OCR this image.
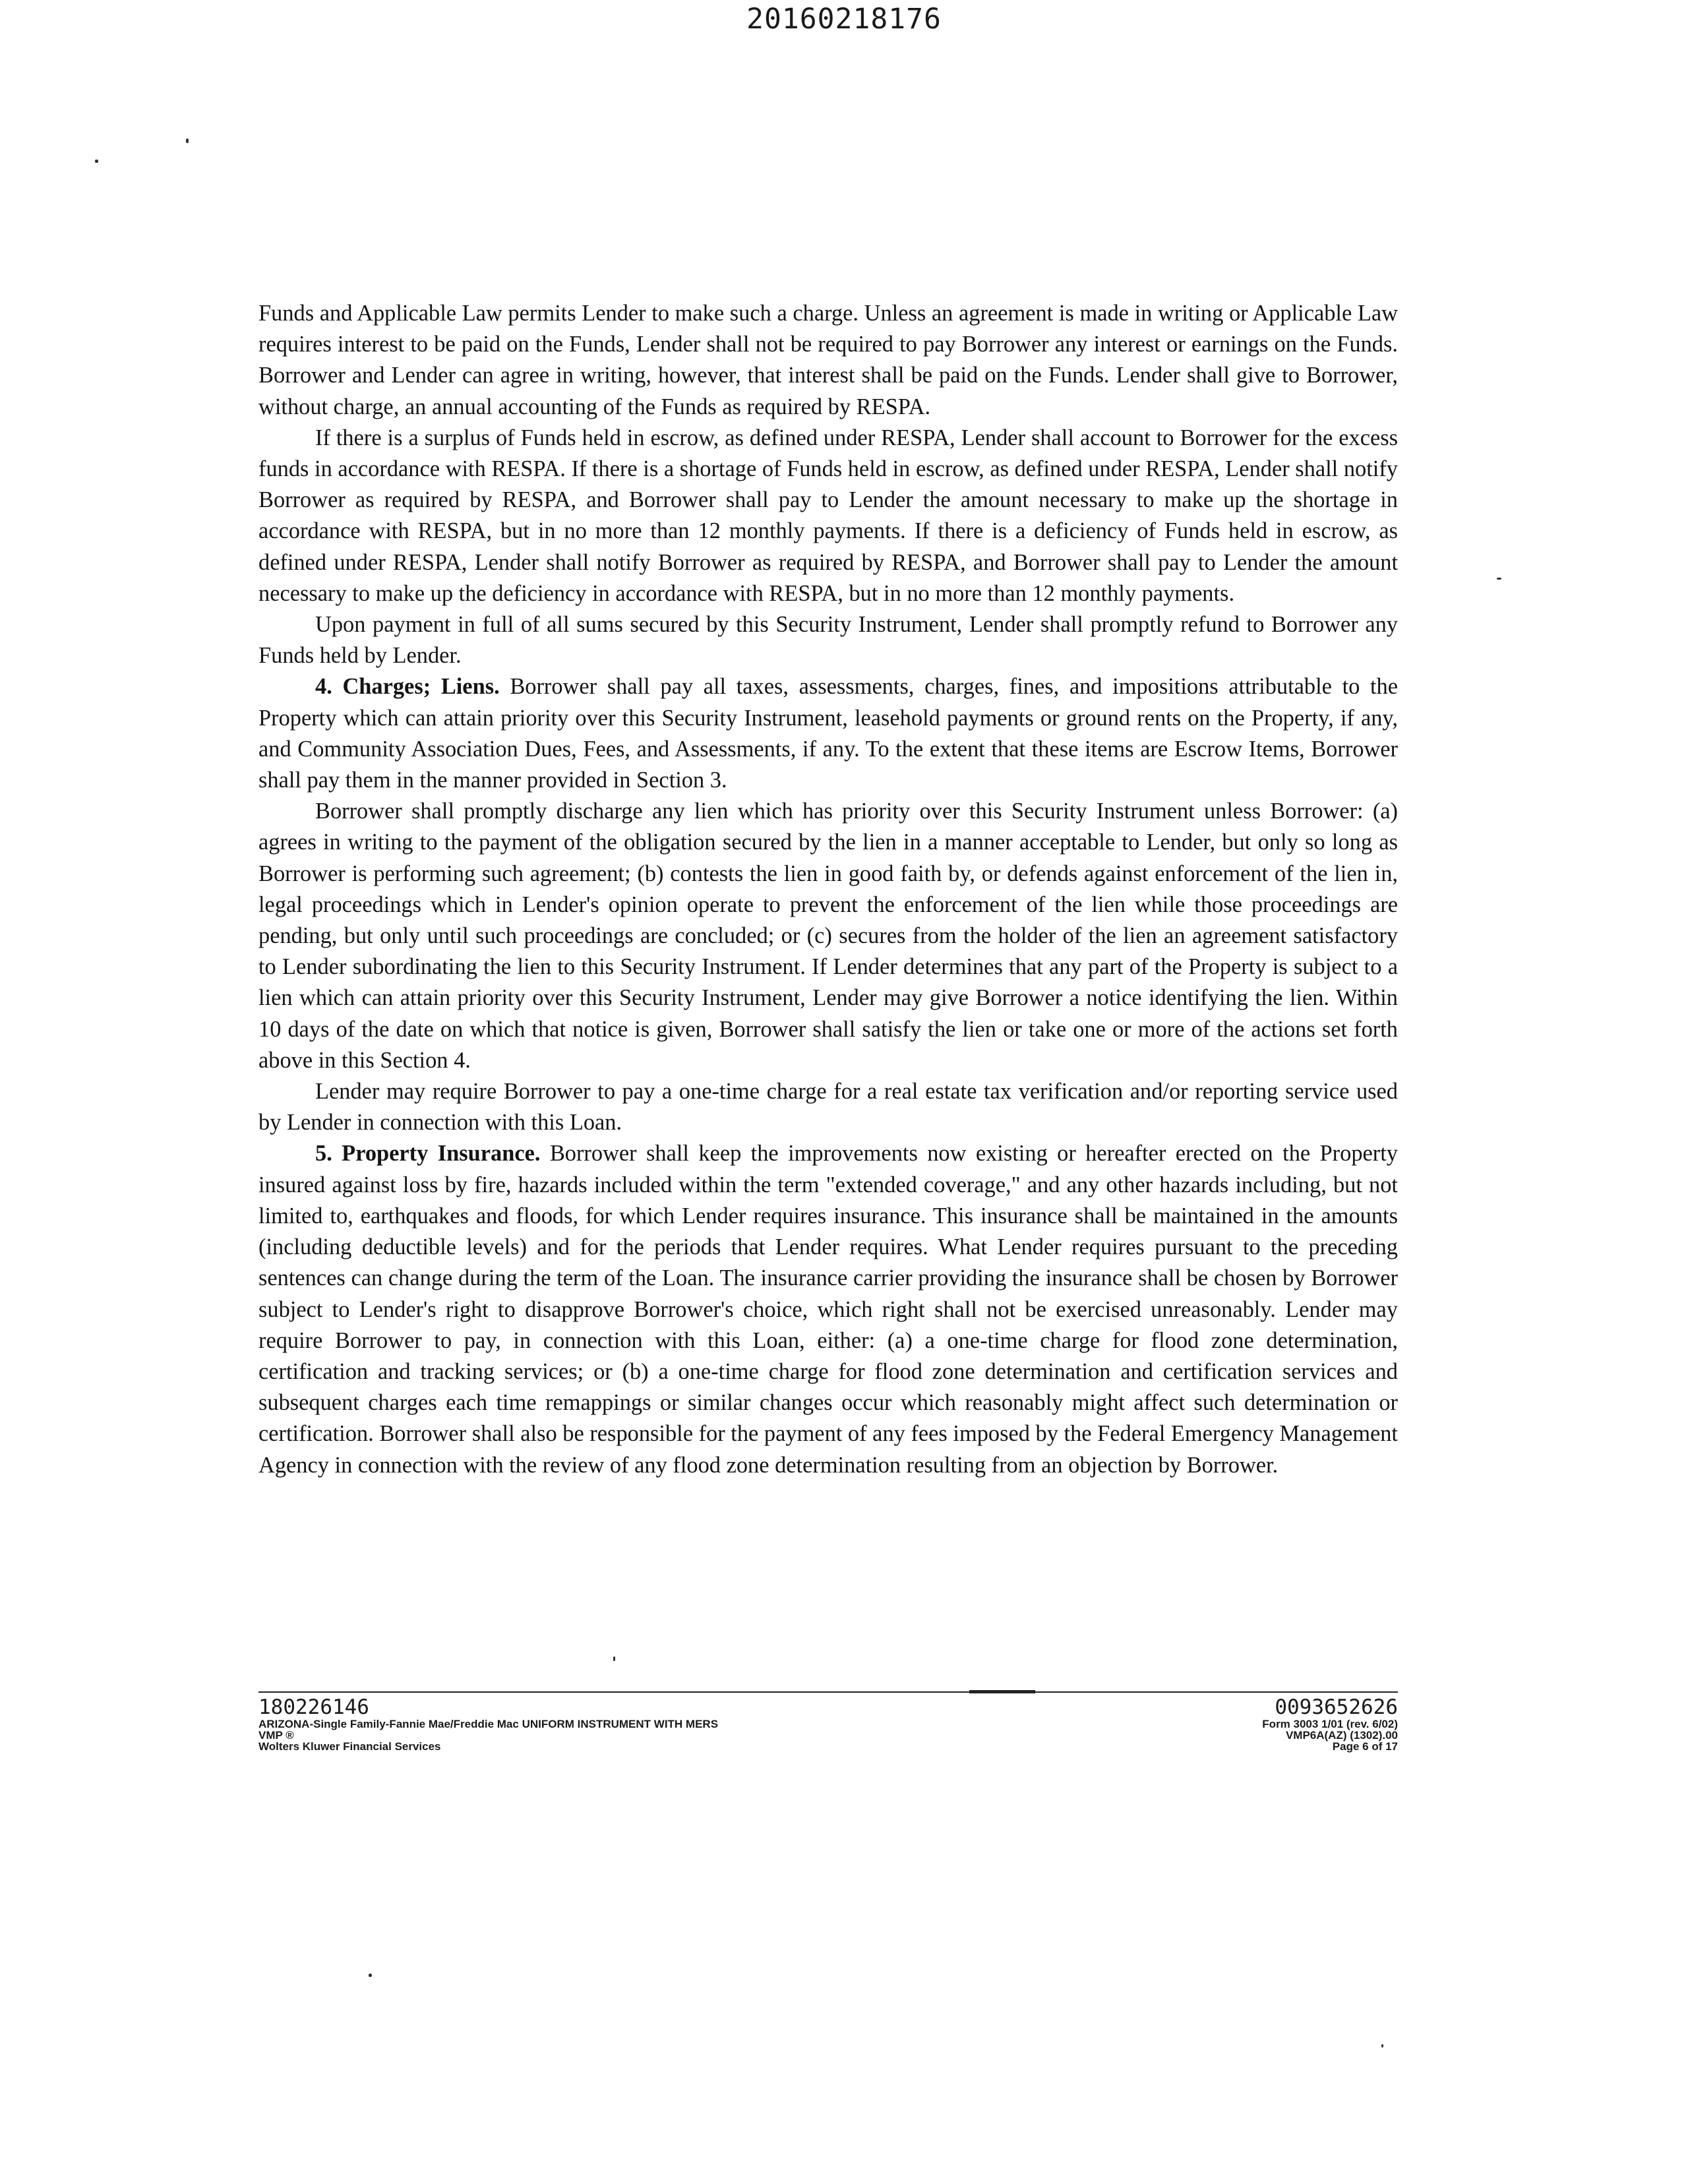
20160218176

Funds and Applicable Law permits Lender to make such a charge. Unless an agreement is made in writing or Applicable Law requires interest to be paid on the Funds, Lender shall not be required to pay Borrower any interest or earnings on the Funds. Borrower and Lender can agree in writing, however, that interest shall be paid on the Funds. Lender shall give to Borrower, without charge, an annual accounting of the Funds as required by RESPA.

If there is a surplus of Funds held in escrow, as defined under RESPA, Lender shall account to Borrower for the excess funds in accordance with RESPA. If there is a shortage of Funds held in escrow, as defined under RESPA, Lender shall notify Borrower as required by RESPA, and Borrower shall pay to Lender the amount necessary to make up the shortage in accordance with RESPA, but in no more than 12 monthly payments. If there is a deficiency of Funds held in escrow, as defined under RESPA, Lender shall notify Borrower as required by RESPA, and Borrower shall pay to Lender the amount necessary to make up the deficiency in accordance with RESPA, but in no more than 12 monthly payments.

Upon payment in full of all sums secured by this Security Instrument, Lender shall promptly refund to Borrower any Funds held by Lender.

4. Charges; Liens. Borrower shall pay all taxes, assessments, charges, fines, and impositions attributable to the Property which can attain priority over this Security Instrument, leasehold payments or ground rents on the Property, if any, and Community Association Dues, Fees, and Assessments, if any. To the extent that these items are Escrow Items, Borrower shall pay them in the manner provided in Section 3.

Borrower shall promptly discharge any lien which has priority over this Security Instrument unless Borrower: (a) agrees in writing to the payment of the obligation secured by the lien in a manner acceptable to Lender, but only so long as Borrower is performing such agreement; (b) contests the lien in good faith by, or defends against enforcement of the lien in, legal proceedings which in Lender's opinion operate to prevent the enforcement of the lien while those proceedings are pending, but only until such proceedings are concluded; or (c) secures from the holder of the lien an agreement satisfactory to Lender subordinating the lien to this Security Instrument. If Lender determines that any part of the Property is subject to a lien which can attain priority over this Security Instrument, Lender may give Borrower a notice identifying the lien. Within 10 days of the date on which that notice is given, Borrower shall satisfy the lien or take one or more of the actions set forth above in this Section 4.

Lender may require Borrower to pay a one-time charge for a real estate tax verification and/or reporting service used by Lender in connection with this Loan.

5. Property Insurance. Borrower shall keep the improvements now existing or hereafter erected on the Property insured against loss by fire, hazards included within the term "extended coverage," and any other hazards including, but not limited to, earthquakes and floods, for which Lender requires insurance. This insurance shall be maintained in the amounts (including deductible levels) and for the periods that Lender requires. What Lender requires pursuant to the preceding sentences can change during the term of the Loan. The insurance carrier providing the insurance shall be chosen by Borrower subject to Lender's right to disapprove Borrower's choice, which right shall not be exercised unreasonably. Lender may require Borrower to pay, in connection with this Loan, either: (a) a one-time charge for flood zone determination, certification and tracking services; or (b) a one-time charge for flood zone determination and certification services and subsequent charges each time remappings or similar changes occur which reasonably might affect such determination or certification. Borrower shall also be responsible for the payment of any fees imposed by the Federal Emergency Management Agency in connection with the review of any flood zone determination resulting from an objection by Borrower.

180226146
ARIZONA-Single Family-Fannie Mae/Freddie Mac UNIFORM INSTRUMENT WITH MERS
VMP ®
Wolters Kluwer Financial Services
0093652626
Form 3003 1/01 (rev. 6/02)
VMP6A(AZ) (1302).00
Page 6 of 17
